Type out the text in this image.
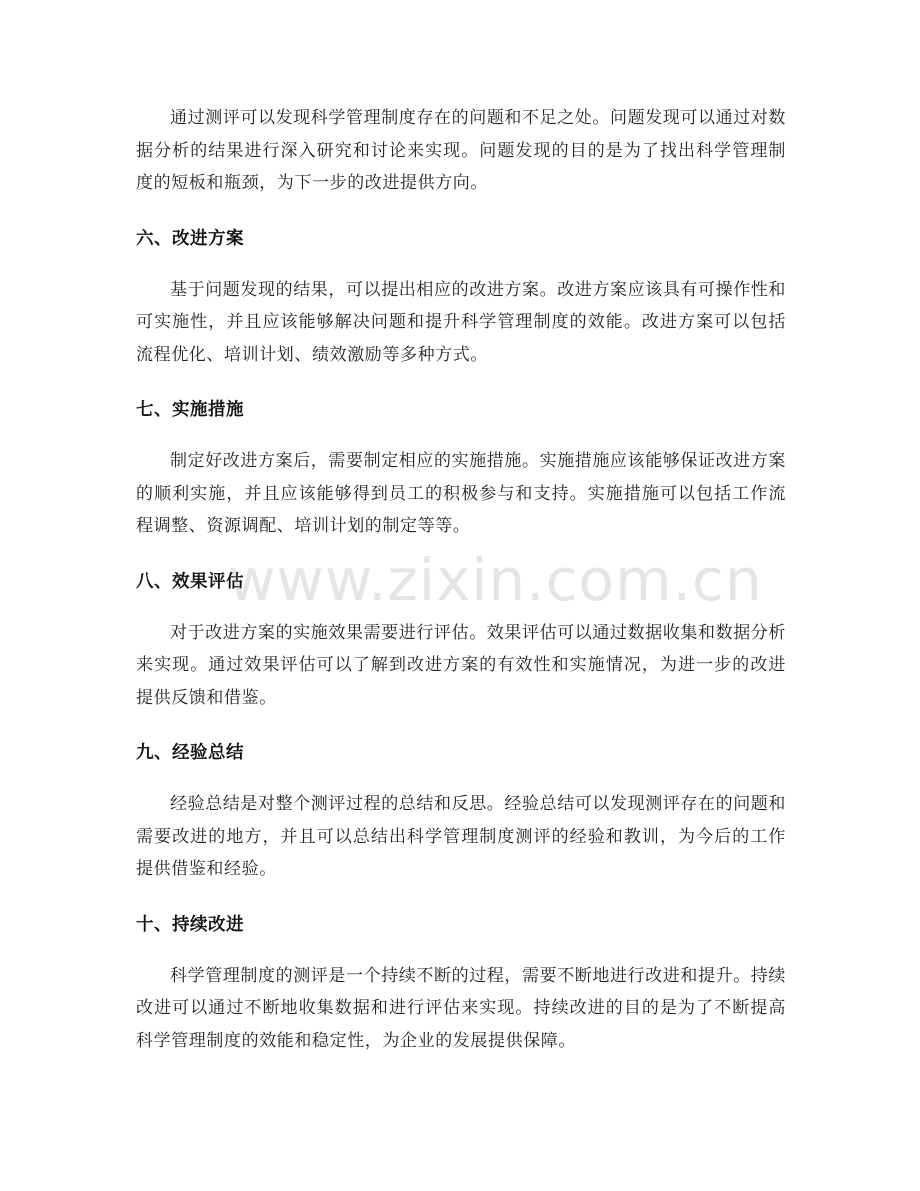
通过测评可以发现科学管理制度存在的问题和不足之处。问题发现可以通过对数据分析的结果进行深入研究和讨论来实现。问题发现的目的是为了找出科学管理制度的短板和瓶颈，为下一步的改进提供方向。

六、改进方案

基于问题发现的结果，可以提出相应的改进方案。改进方案应该具有可操作性和可实施性，并且应该能够解决问题和提升科学管理制度的效能。改进方案可以包括流程优化、培训计划、绩效激励等多种方式。

七、实施措施

制定好改进方案后，需要制定相应的实施措施。实施措施应该能够保证改进方案的顺利实施，并且应该能够得到员工的积极参与和支持。实施措施可以包括工作流程调整、资源调配、培训计划的制定等等。

八、效果评估

对于改进方案的实施效果需要进行评估。效果评估可以通过数据收集和数据分析来实现。通过效果评估可以了解到改进方案的有效性和实施情况，为进一步的改进提供反馈和借鉴。

九、经验总结

经验总结是对整个测评过程的总结和反思。经验总结可以发现测评存在的问题和需要改进的地方，并且可以总结出科学管理制度测评的经验和教训，为今后的工作提供借鉴和经验。

十、持续改进

科学管理制度的测评是一个持续不断的过程，需要不断地进行改进和提升。持续改进可以通过不断地收集数据和进行评估来实现。持续改进的目的是为了不断提高科学管理制度的效能和稳定性，为企业的发展提供保障。

www.zixin.com.cn
